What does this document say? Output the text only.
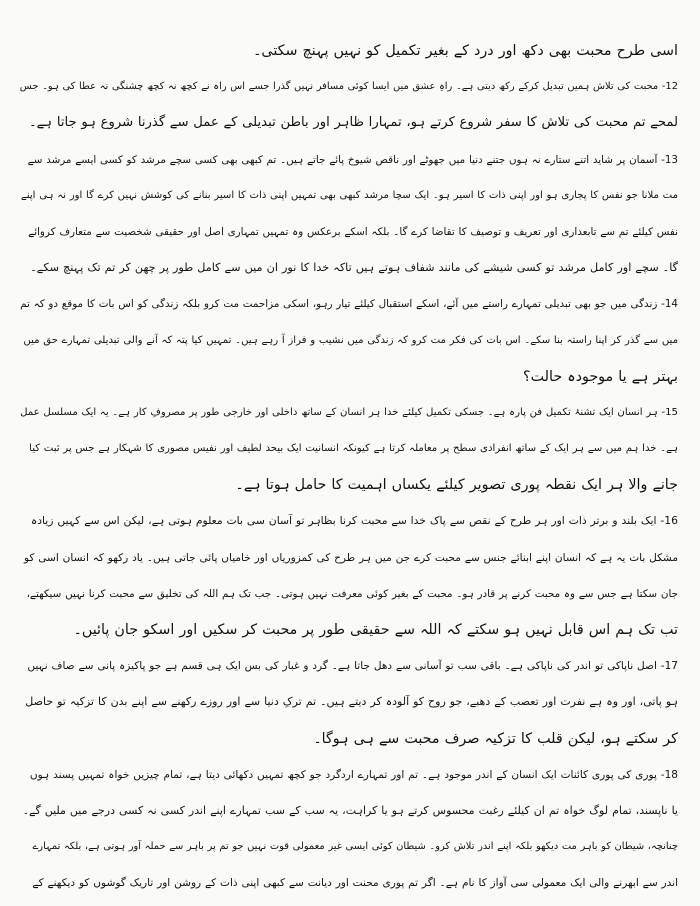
اسی طرح محبت بھی دکھ اور درد کے بغیر تکمیل کو نہیں پہنچ سکتی۔
12- محبت کی تلاش ہمیں تبدیل کرکے رکھ دیتی ہے۔ راہِ عشق میں ایسا کوئی مسافر نہیں گذرا جسے اس راہ نے کچھ نہ کچھ چشنگی نہ عطا کی ہو۔ جس
لمحے تم محبت کی تلاش کا سفر شروع کرتے ہو، تمہارا ظاہر اور باطن تبدیلی کے عمل سے گذرنا شروع ہو جاتا ہے۔
13- آسمان پر شاید اتنے ستارے نہ ہوں جتنے دنیا میں جھوٹے اور ناقص شیوخ پائے جاتے ہیں۔ تم کبھی بھی کسی سچے مرشد کو کسی ایسے مرشد سے
مت ملانا جو نفس کا پجاری ہو اور اپنی ذات کا اسیر ہو۔ ایک سچا مرشد کبھی بھی تمہیں اپنی ذات کا اسیر بنانے کی کوشش نہیں کرے گا اور نہ ہی اپنے
نفس کیلئے تم سے تابعداری اور تعریف و توصیف کا تقاضا کرے گا۔ بلکہ اسکے برعکس وہ تمہیں تمہاری اصل اور حقیقی شخصیت سے متعارف کروائے
گا۔ سچے اور کامل مرشد تو کسی شیشے کی مانند شفاف ہوتے ہیں تاکہ خدا کا نور ان میں سے کامل طور پر چھن کر تم تک پہنچ سکے۔
14- زندگی میں جو بھی تبدیلی تمہارے راستے میں آئے، اسکے استقبال کیلئے تیار رہو، اسکی مزاحمت مت کرو بلکہ زندگی کو اس بات کا موقع دو کہ تم
میں سے گذر کر اپنا راستہ بنا سکے۔ اس بات کی فکر مت کرو کہ زندگی میں نشیب و فراز آ رہے ہیں۔ تمہیں کیا پتہ کہ آنے والی تبدیلی تمہارے حق میں
بہتر ہے یا موجودہ حالت؟
15- ہر انسان ایک تشنۂ تکمیل فن پارہ ہے۔ جسکی تکمیل کیلئے خدا ہر انسان کے ساتھ داخلی اور خارجی طور پر مصروفِ کار ہے۔ یہ ایک مسلسل عمل
ہے۔ خدا ہم میں سے ہر ایک کے ساتھ انفرادی سطح پر معاملہ کرتا ہے کیونکہ انسانیت ایک بیحد لطیف اور نفیس مصوری کا شہکار ہے جس پر ثبت کیا
جانے والا ہر ایک نقطہ پوری تصویر کیلئے یکساں اہمیت کا حامل ہوتا ہے۔
16- ایک بلند و برتر ذات اور ہر طرح کے نقص سے پاک خدا سے محبت کرنا بظاہر تو آسان سی بات معلوم ہوتی ہے، لیکن اس سے کہیں زیادہ
مشکل بات یہ ہے کہ انسان اپنے ابنائے جنس سے محبت کرے جن میں ہر طرح کی کمزوریاں اور خامیاں پائی جاتی ہیں۔ یاد رکھو کہ انسان اسی کو
جان سکتا ہے جس سے وہ محبت کرنے پر قادر ہو۔ محبت کے بغیر کوئی معرفت نہیں ہوتی۔ جب تک ہم اللہ کی تخلیق سے محبت کرنا نہیں سیکھتے،
تب تک ہم اس قابل نہیں ہو سکتے کہ اللہ سے حقیقی طور پر محبت کر سکیں اور اسکو جان پائیں۔
17- اصل ناپاکی تو اندر کی ناپاکی ہے۔ باقی سب تو آسانی سے دھل جاتا ہے۔ گرد و غبار کی بس ایک ہی قسم ہے جو پاکیزہ پانی سے صاف نہیں
ہو پاتی، اور وہ ہے نفرت اور تعصب کے دھبے، جو روح کو آلودہ کر دیتے ہیں۔ تم ترکِ دنیا سے اور روزے رکھنے سے اپنے بدن کا تزکیہ تو حاصل
کر سکتے ہو، لیکن قلب کا تزکیہ صرف محبت سے ہی ہوگا۔
18- پوری کی پوری کائنات ایک انسان کے اندر موجود ہے۔ تم اور تمہارے اردگرد جو کچھ تمہیں دکھائی دیتا ہے، تمام چیزیں خواہ تمہیں پسند ہوں
یا ناپسند، تمام لوگ خواہ تم ان کیلئے رغبت محسوس کرتے ہو یا کراہت، یہ سب کے سب تمہارے اپنے اندر کسی نہ کسی درجے میں ملیں گے۔
چنانچہ، شیطان کو باہر مت دیکھو بلکہ اپنے اندر تلاش کرو۔ شیطان کوئی ایسی غیر معمولی قوت نہیں جو تم پر باہر سے حملہ آور ہوتی ہے، بلکہ تمہارے
اندر سے ابھرنے والی ایک معمولی سی آواز کا نام ہے۔ اگر تم پوری محنت اور دیانت سے کبھی اپنی ذات کے روشن اور تاریک گوشوں کو دیکھنے کے
